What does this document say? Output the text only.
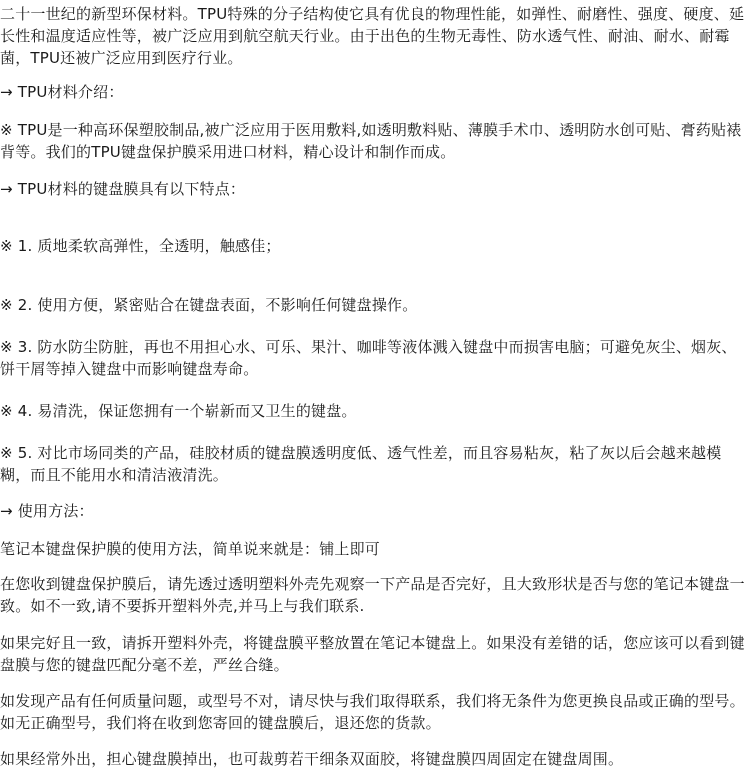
二十一世纪的新型环保材料。TPU特殊的分子结构使它具有优良的物理性能，如弹性、耐磨性、强度、硬度、延长性和温度适应性等，被广泛应用到航空航天行业。由于出色的生物无毒性、防水透气性、耐油、耐水、耐霉菌，TPU还被广泛应用到医疗行业。
→ TPU材料介绍：
※ TPU是一种高环保塑胶制品,被广泛应用于医用敷料,如透明敷料贴、薄膜手术巾、透明防水创可贴、膏药贴裱背等。我们的TPU键盘保护膜采用进口材料，精心设计和制作而成。
→ TPU材料的键盘膜具有以下特点：
※ 1. 质地柔软高弹性，全透明，触感佳；
※ 2. 使用方便，紧密贴合在键盘表面，不影响任何键盘操作。
※ 3. 防水防尘防脏，再也不用担心水、可乐、果汁、咖啡等液体溅入键盘中而损害电脑；可避免灰尘、烟灰、饼干屑等掉入键盘中而影响键盘寿命。
※ 4. 易清洗，保证您拥有一个崭新而又卫生的键盘。
※ 5. 对比市场同类的产品，硅胶材质的键盘膜透明度低、透气性差，而且容易粘灰，粘了灰以后会越来越模糊，而且不能用水和清洁液清洗。
→ 使用方法：
笔记本键盘保护膜的使用方法，简单说来就是：铺上即可
在您收到键盘保护膜后，请先透过透明塑料外壳先观察一下产品是否完好，且大致形状是否与您的笔记本键盘一致。如不一致,请不要拆开塑料外壳,并马上与我们联系.
如果完好且一致，请拆开塑料外壳，将键盘膜平整放置在笔记本键盘上。如果没有差错的话，您应该可以看到键盘膜与您的键盘匹配分毫不差，严丝合缝。
如发现产品有任何质量问题，或型号不对，请尽快与我们取得联系，我们将无条件为您更换良品或正确的型号。如无正确型号，我们将在收到您寄回的键盘膜后，退还您的货款。
如果经常外出，担心键盘膜掉出，也可裁剪若干细条双面胶，将键盘膜四周固定在键盘周围。
